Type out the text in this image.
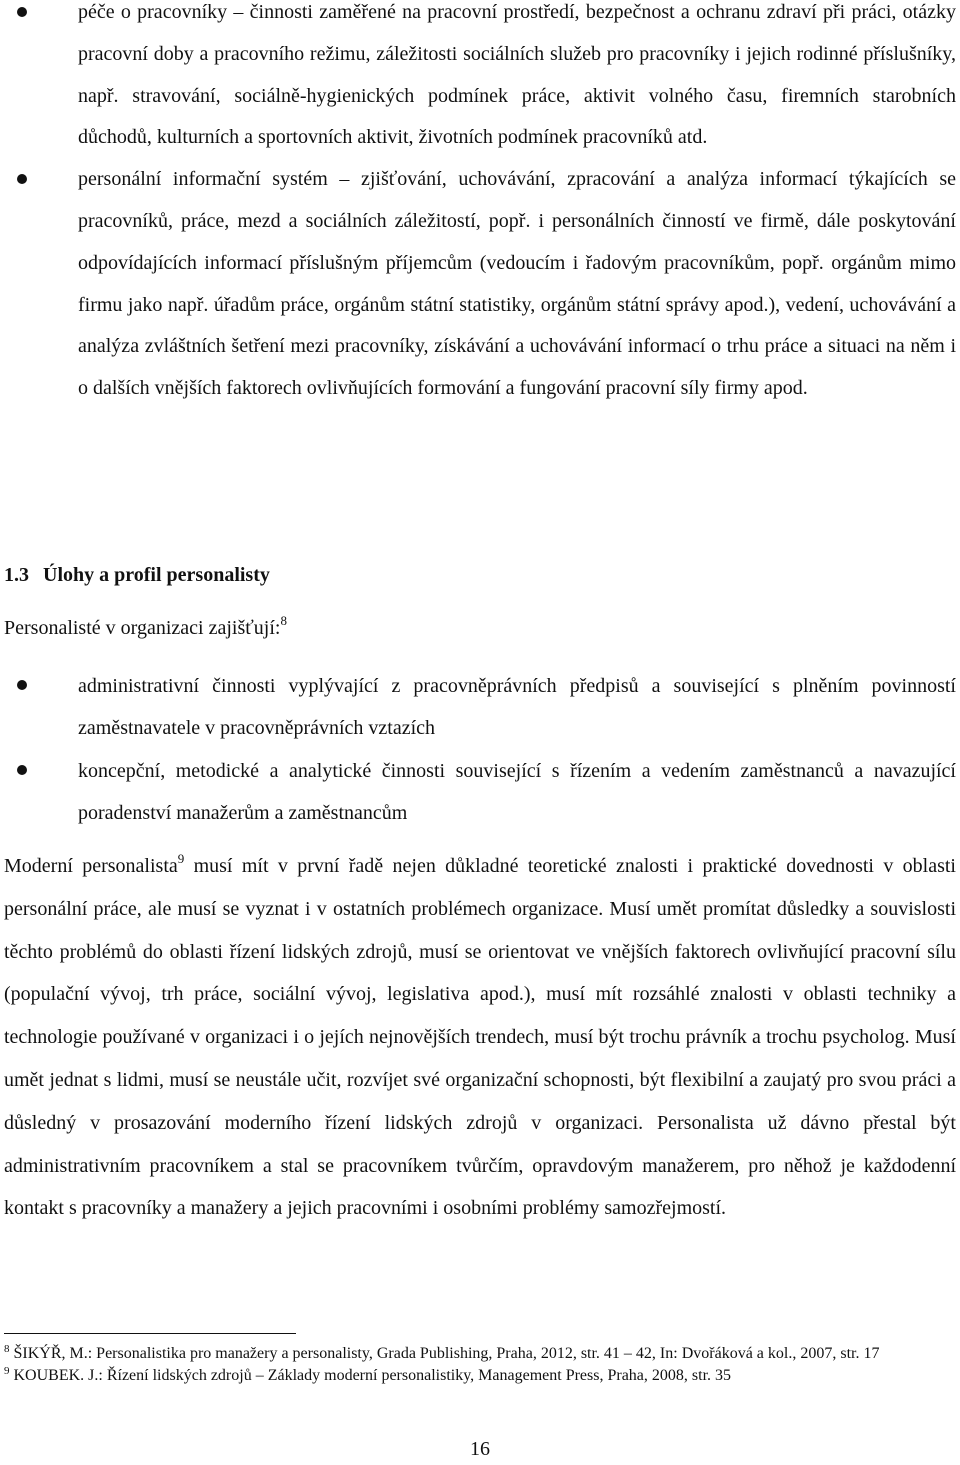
péče o pracovníky – činnosti zaměřené na pracovní prostředí, bezpečnost a ochranu zdraví při práci, otázky pracovní doby a pracovního režimu, záležitosti sociálních služeb pro pracovníky i jejich rodinné příslušníky, např. stravování, sociálně-hygienických podmínek práce, aktivit volného času, firemních starobních důchodů, kulturních a sportovních aktivit, životních podmínek pracovníků atd.
personální informační systém – zjišťování, uchovávání, zpracování a analýza informací týkajících se pracovníků, práce, mezd a sociálních záležitostí, popř. i personálních činností ve firmě, dále poskytování odpovídajících informací příslušným příjemcům (vedoucím i řadovým pracovníkům, popř. orgánům mimo firmu jako např. úřadům práce, orgánům státní statistiky, orgánům státní správy apod.), vedení, uchovávání a analýza zvláštních šetření mezi pracovníky, získávání a uchovávání informací o trhu práce a situaci na něm i o dalších vnějších faktorech ovlivňujících formování a fungování pracovní síly firmy apod.
1.3 Úlohy a profil personalisty

Personalisté v organizaci zajišťují:$^8$

administrativní činnosti vyplývající z pracovněprávních předpisů a související s plněním povinností zaměstnavatele v pracovněprávních vztazích
koncepční, metodické a analytické činnosti související s řízením a vedením zaměstnanců a navazující poradenství manažerům a zaměstnancům

Moderní personalista$^9$ musí mít v první řadě nejen důkladné teoretické znalosti i praktické dovednosti v oblasti personální práce, ale musí se vyznat i v ostatních problémech organizace. Musí umět promítat důsledky a souvislosti těchto problémů do oblasti řízení lidských zdrojů, musí se orientovat ve vnějších faktorech ovlivňující pracovní sílu (populační vývoj, trh práce, sociální vývoj, legislativa apod.), musí mít rozsáhlé znalosti v oblasti techniky a technologie používané v organizaci i o jejích nejnovějších trendech, musí být trochu právník a trochu psycholog. Musí umět jednat s lidmi, musí se neustále učit, rozvíjet své organizační schopnosti, být flexibilní a zaujatý pro svou práci a důsledný v prosazování moderního řízení lidských zdrojů v organizaci. Personalista už dávno přestal být administrativním pracovníkem a stal se pracovníkem tvůrčím, opravdovým manažerem, pro něhož je každodenní kontakt s pracovníky a manažery a jejich pracovními i osobními problémy samozřejmostí.

$^8$ ŠIKÝŘ, M.: Personalistika pro manažery a personalisty, Grada Publishing, Praha, 2012, str. 41 – 42, In: Dvořáková a kol., 2007, str. 17

$^9$ KOUBEK. J.: Řízení lidských zdrojů – Základy moderní personalistiky, Management Press, Praha, 2008, str. 35

16
